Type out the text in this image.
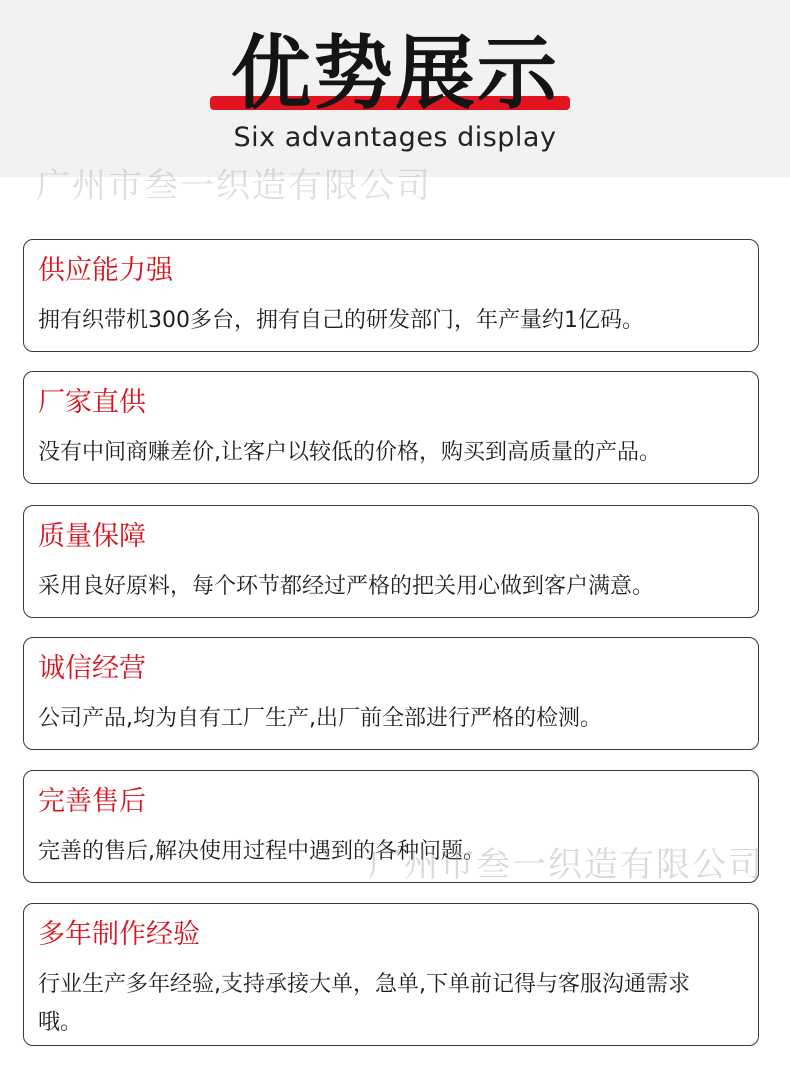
优势展示
Six advantages display
广州市叁一织造有限公司
供应能力强
拥有织带机300多台，拥有自己的研发部门，年产量约1亿码。
厂家直供
没有中间商赚差价,让客户以较低的价格，购买到高质量的产品。
质量保障
采用良好原料，每个环节都经过严格的把关用心做到客户满意。
诚信经营
公司产品,均为自有工厂生产,出厂前全部进行严格的检测。
完善售后
完善的售后,解决使用过程中遇到的各种问题。
多年制作经验
行业生产多年经验,支持承接大单，急单,下单前记得与客服沟通需求哦。
广州市叁一织造有限公司
